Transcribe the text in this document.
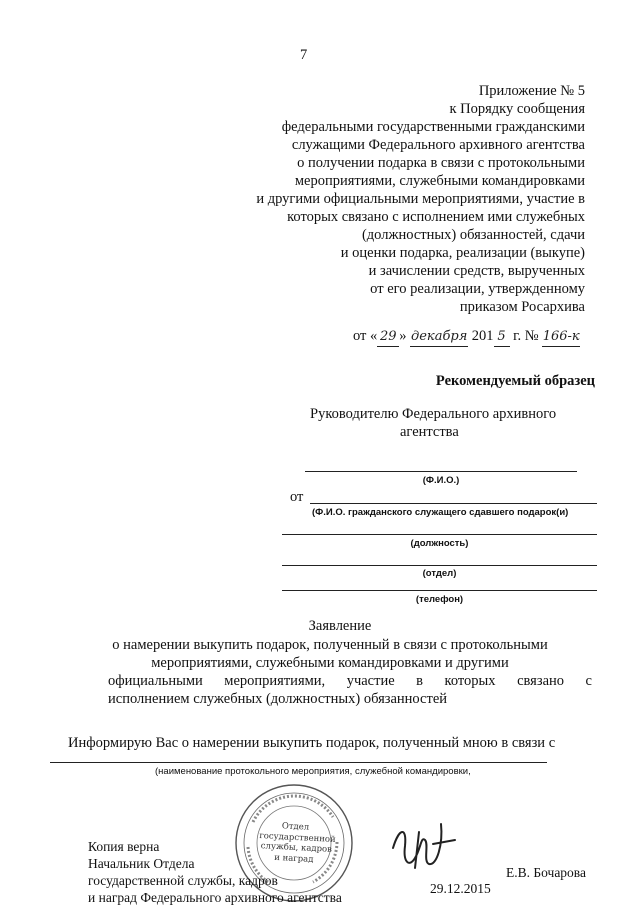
7
Приложение № 5
к Порядку сообщения
федеральными государственными гражданскими
служащими Федерального архивного агентства
о получении подарка в связи с протокольными
мероприятиями, служебными командировками
и другими официальными мероприятиями, участие в
которых связано с исполнением ими служебных
(должностных) обязанностей, сдачи
и оценки подарка, реализации (выкупе)
и зачислении средств, вырученных
от его реализации, утвержденному
приказом Росархива
от « 29 » декабря 201 5 г. № 166-к
Рекомендуемый образец
Руководителю Федерального архивного
агентства
(Ф.И.О.)
от
(Ф.И.О. гражданского служащего сдавшего подарок(и)
(должность)
(отдел)
(телефон)
Заявление
о намерении выкупить подарок, полученный в связи с протокольными
мероприятиями, служебными командировками и другими
официальными мероприятиями, участие в которых связано с
исполнением служебных (должностных) обязанностей
Информирую Вас о намерении выкупить подарок, полученный мною в связи с
(наименование протокольного мероприятия, служебной командировки,
Отдел
государственной
службы, кадров
и наград
Копия верна
Начальник Отдела
государственной службы, кадров
и наград Федерального архивного агентства
Е.В. Бочарова
29.12.2015
